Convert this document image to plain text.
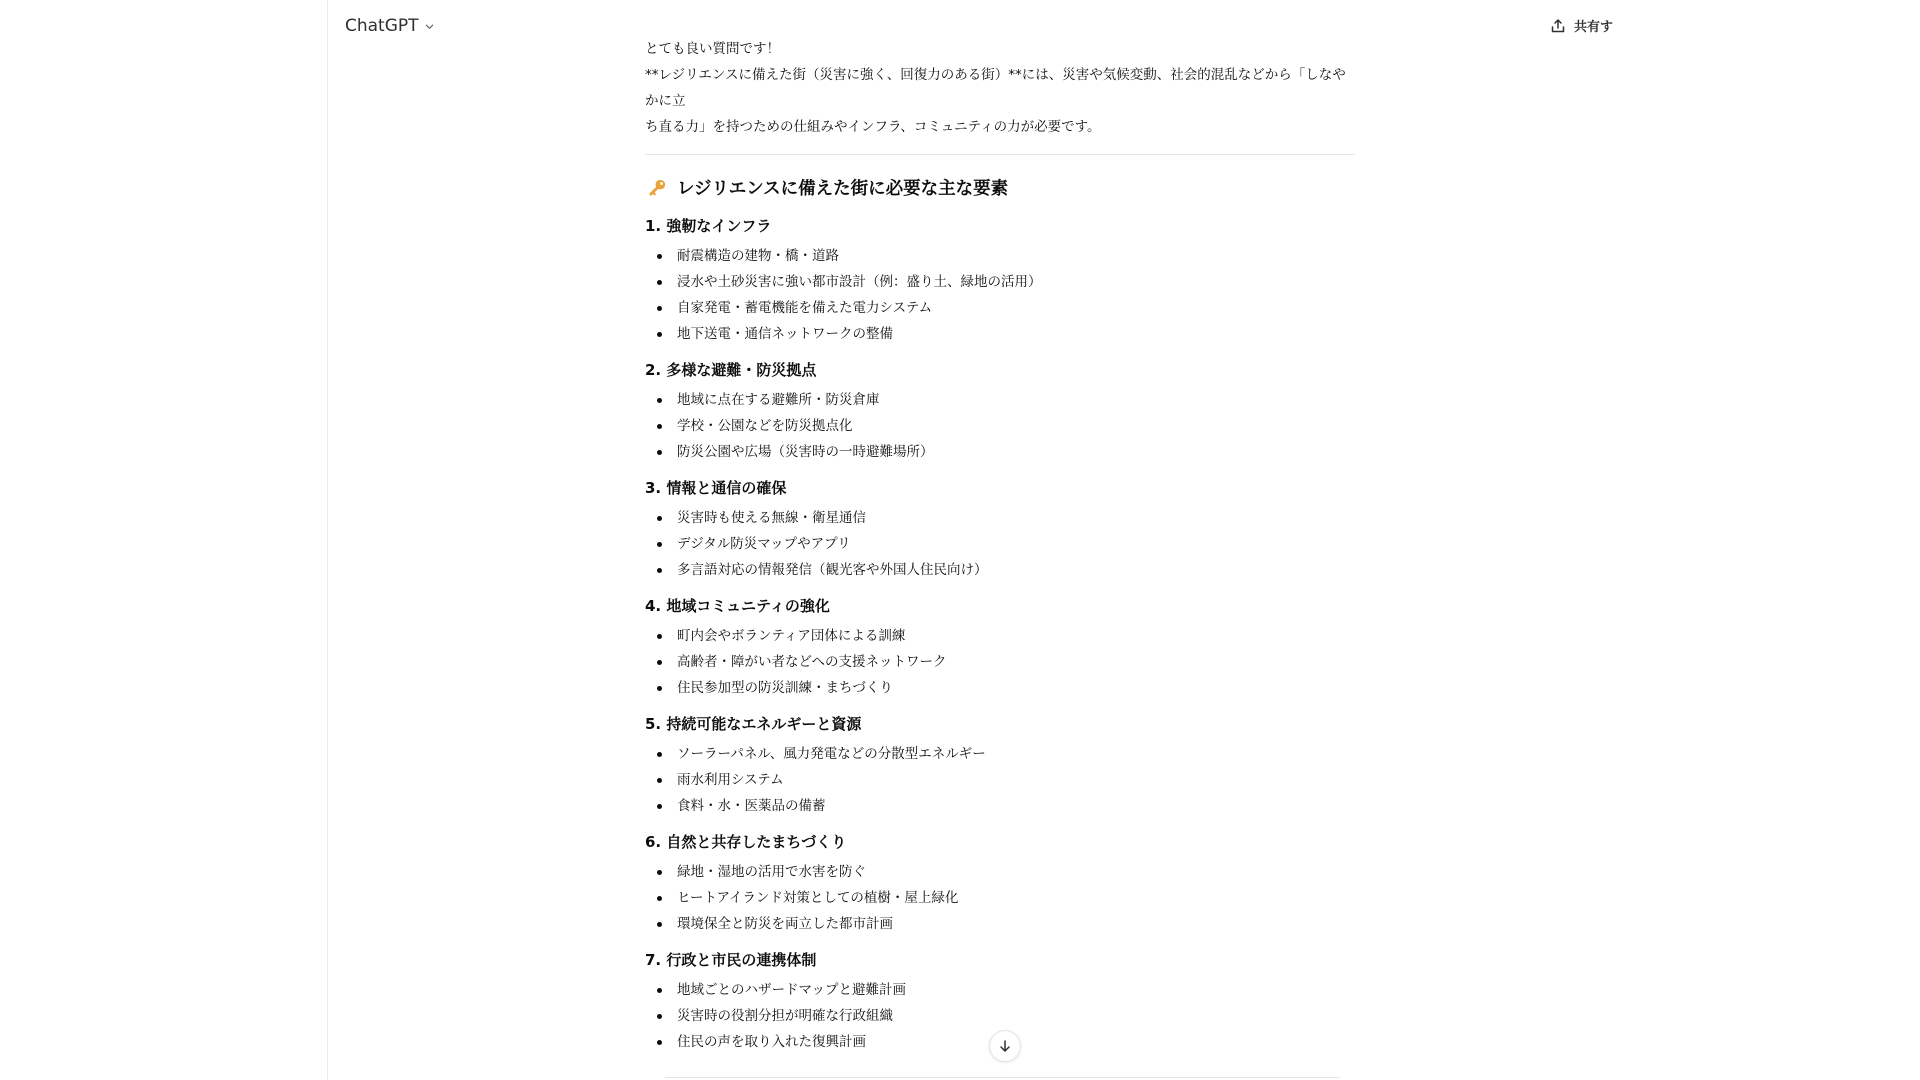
ChatGPT	共有す

とても良い質問です！

**レジリエンスに備えた街（災害に強く、回復力のある街）**には、災害や気候変動、社会的混乱などから「しなやかに立

ち直る力」を持つための仕組みやインフラ、コミュニティの力が必要です。

レジリエンスに備えた街に必要な主な要素
1. 強靭なインフラ
耐震構造の建物・橋・道路
浸水や土砂災害に強い都市設計（例：盛り土、緑地の活用）
自家発電・蓄電機能を備えた電力システム
地下送電・通信ネットワークの整備
2. 多様な避難・防災拠点
地域に点在する避難所・防災倉庫
学校・公園などを防災拠点化
防災公園や広場（災害時の一時避難場所）
3. 情報と通信の確保
災害時も使える無線・衛星通信
デジタル防災マップやアプリ
多言語対応の情報発信（観光客や外国人住民向け）
4. 地域コミュニティの強化
町内会やボランティア団体による訓練
高齢者・障がい者などへの支援ネットワーク
住民参加型の防災訓練・まちづくり
5. 持続可能なエネルギーと資源
ソーラーパネル、風力発電などの分散型エネルギー
雨水利用システム
食料・水・医薬品の備蓄
6. 自然と共存したまちづくり
緑地・湿地の活用で水害を防ぐ
ヒートアイランド対策としての植樹・屋上緑化
環境保全と防災を両立した都市計画
7. 行政と市民の連携体制
地域ごとのハザードマップと避難計画
災害時の役割分担が明確な行政組織
住民の声を取り入れた復興計画
